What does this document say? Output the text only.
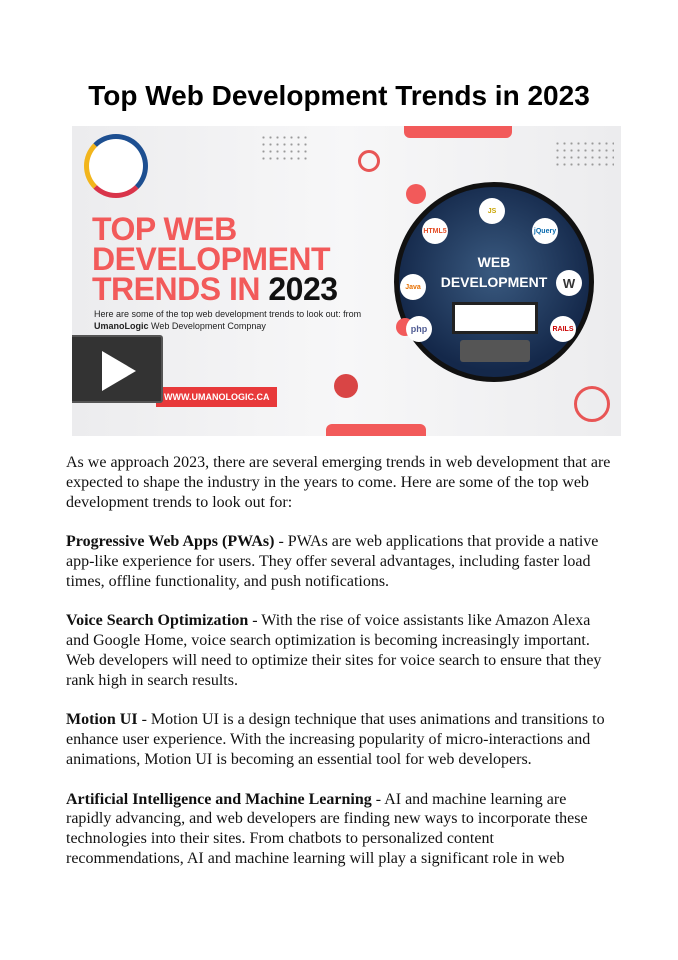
Top Web Development Trends in 2023
TOP WEB
DEVELOPMENT
TRENDS IN 2023
Here are some of the top web development trends to look out: from UmanoLogic Web Development Compnay
WWW.UMANOLOGIC.CA
WEB
DEVELOPMENT
JS
HTML5	jQuery
Java	W
php	RAILS

As we approach 2023, there are several emerging trends in web development that are expected to shape the industry in the years to come. Here are some of the top web development trends to look out for:

Progressive Web Apps (PWAs) - PWAs are web applications that provide a native app-like experience for users. They offer several advantages, including faster load times, offline functionality, and push notifications.

Voice Search Optimization - With the rise of voice assistants like Amazon Alexa and Google Home, voice search optimization is becoming increasingly important. Web developers will need to optimize their sites for voice search to ensure that they rank high in search results.

Motion UI - Motion UI is a design technique that uses animations and transitions to enhance user experience. With the increasing popularity of micro-interactions and animations, Motion UI is becoming an essential tool for web developers.

Artificial Intelligence and Machine Learning - AI and machine learning are rapidly advancing, and web developers are finding new ways to incorporate these technologies into their sites. From chatbots to personalized content recommendations, AI and machine learning will play a significant role in web
